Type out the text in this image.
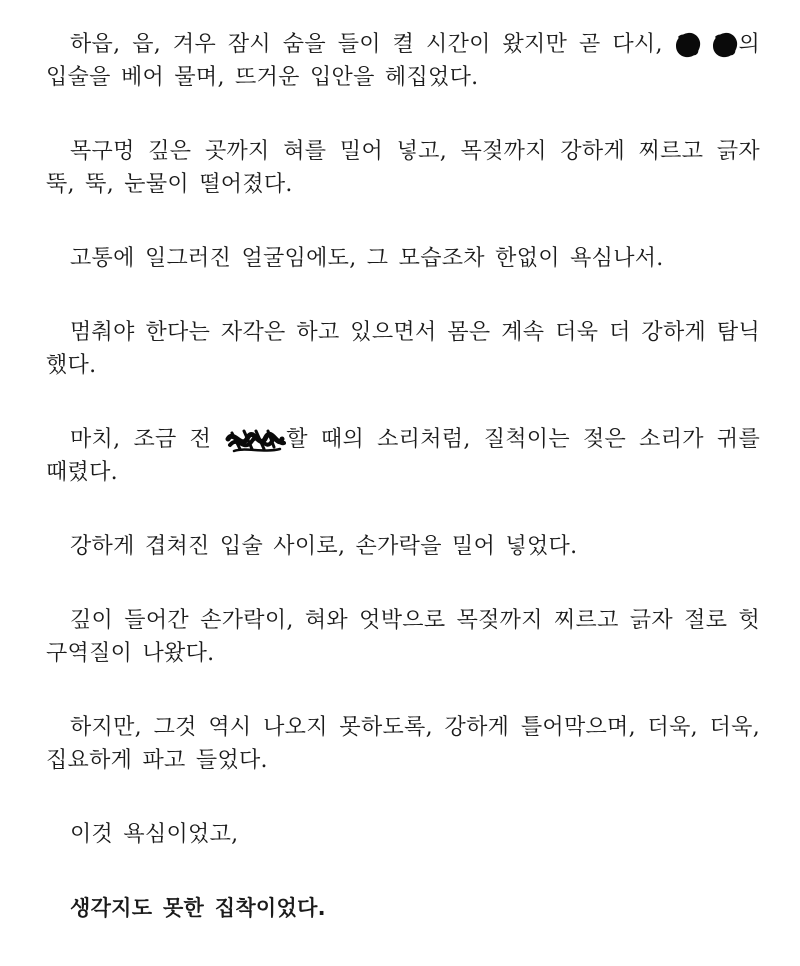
하읍, 읍, 겨우 잠시 숨을 들이 켤 시간이 왔지만 곧 다시,
	의 입술을 베어 물며, 뜨거운 입안을 헤집었다.

목구멍 깊은 곳까지 혀를 밀어 넣고, 목젖까지 강하게 찌르고 긁자 뚝, 뚝, 눈물이 떨어졌다.

고통에 일그러진 얼굴임에도, 그 모습조차 한없이 욕심나서.

멈춰야 한다는 자각은 하고 있으면서 몸은 계속 더욱 더 강하게 탐닉했다.

마치, 조금 전	할 때의 소리처럼, 질척이는 젖은 소리가 귀를 때렸다.

강하게 겹쳐진 입술 사이로, 손가락을 밀어 넣었다.

깊이 들어간 손가락이, 혀와 엇박으로 목젖까지 찌르고 긁자 절로 헛구역질이 나왔다.

하지만, 그것 역시 나오지 못하도록, 강하게 틀어막으며, 더욱, 더욱, 집요하게 파고 들었다.

이것 욕심이었고,

생각지도 못한 집착이었다.
